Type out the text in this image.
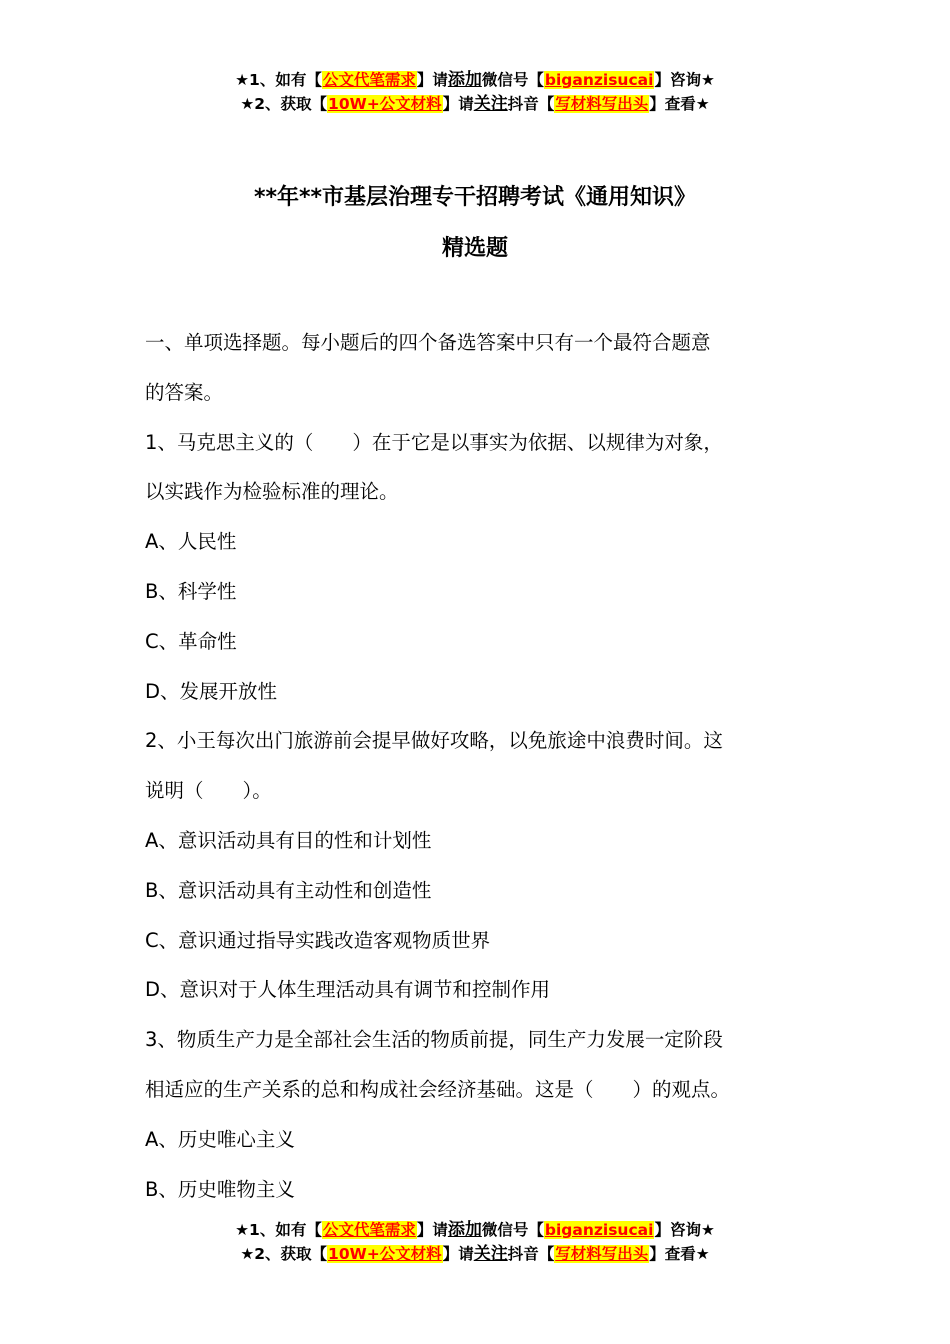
★1、如有【公文代笔需求】请添加微信号【biganzisucai】咨询★
★2、获取【10W+公文材料】请关注抖音【写材料写出头】查看★
**年**市基层治理专干招聘考试《通用知识》
精选题

一、单项选择题。每小题后的四个备选答案中只有一个最符合题意

的答案。

1、马克思主义的（　　）在于它是以事实为依据、以规律为对象，

以实践作为检验标准的理论。

A、人民性

B、科学性

C、革命性

D、发展开放性

2、小王每次出门旅游前会提早做好攻略，以免旅途中浪费时间。这

说明（　　）。

A、意识活动具有目的性和计划性

B、意识活动具有主动性和创造性

C、意识通过指导实践改造客观物质世界

D、意识对于人体生理活动具有调节和控制作用

3、物质生产力是全部社会生活的物质前提，同生产力发展一定阶段

相适应的生产关系的总和构成社会经济基础。这是（　　）的观点。

A、历史唯心主义

B、历史唯物主义

★1、如有【公文代笔需求】请添加微信号【biganzisucai】咨询★
★2、获取【10W+公文材料】请关注抖音【写材料写出头】查看★
